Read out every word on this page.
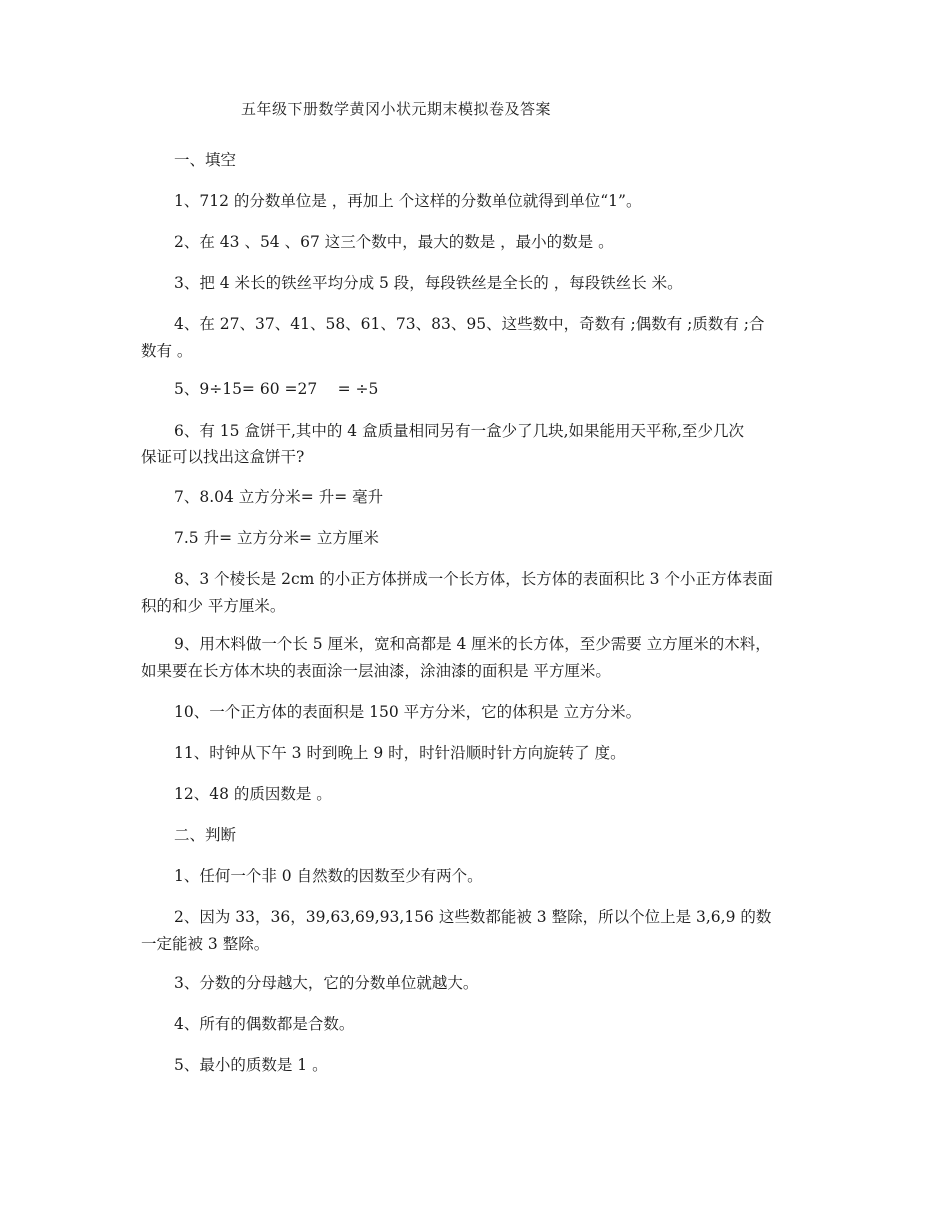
五年级下册数学黄冈小状元期末模拟卷及答案
一、填空
1、712 的分数单位是 ，再加上 个这样的分数单位就得到单位“1”。
2、在 43 、54 、67 这三个数中，最大的数是 ，最小的数是 。
3、把 4 米长的铁丝平均分成 5 段，每段铁丝是全长的 ，每段铁丝长 米。
4、在 27、37、41、58、61、73、83、95、这些数中，奇数有 ;偶数有 ;质数有 ;合
数有 。
5、9÷15= 60 =27　 = ÷5
6、有 15 盒饼干,其中的 4 盒质量相同另有一盒少了几块,如果能用天平称,至少几次
保证可以找出这盒饼干?
7、8.04 立方分米= 升= 毫升
7.5 升= 立方分米= 立方厘米
8、3 个棱长是 2cm 的小正方体拼成一个长方体，长方体的表面积比 3 个小正方体表面
积的和少 平方厘米。
9、用木料做一个长 5 厘米，宽和高都是 4 厘米的长方体，至少需要 立方厘米的木料，
如果要在长方体木块的表面涂一层油漆，涂油漆的面积是 平方厘米。
10、一个正方体的表面积是 150 平方分米，它的体积是 立方分米。
11、时钟从下午 3 时到晚上 9 时，时针沿顺时针方向旋转了 度。
12、48 的质因数是 。
二、判断
1、任何一个非 0 自然数的因数至少有两个。
2、因为 33，36，39,63,69,93,156 这些数都能被 3 整除，所以个位上是 3,6,9 的数
一定能被 3 整除。
3、分数的分母越大，它的分数单位就越大。
4、所有的偶数都是合数。
5、最小的质数是 1 。
